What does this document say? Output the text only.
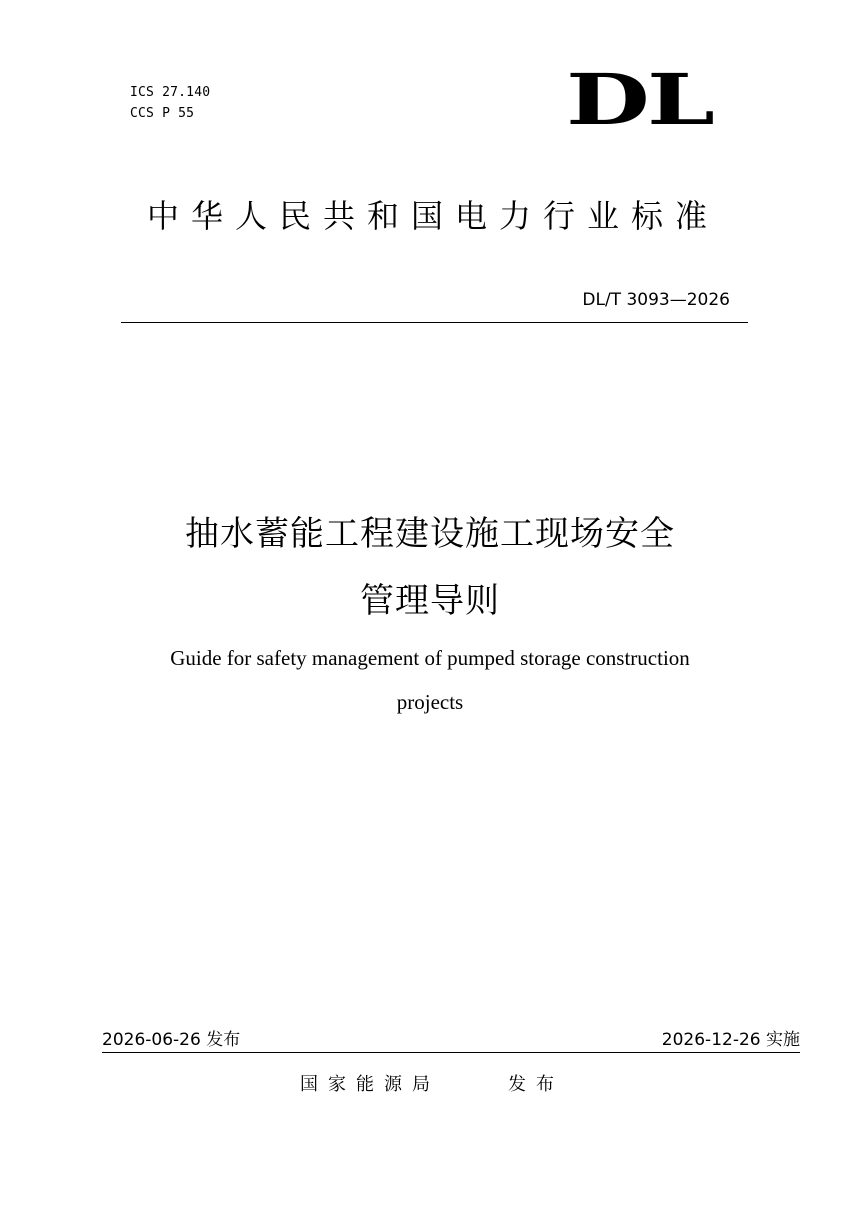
ICS 27.140
CCS P 55	DL
中华人民共和国电力行业标准
DL/T 3093—2026
抽水蓄能工程建设施工现场安全
管理导则
Guide for safety management of pumped storage construction
projects
2026-06-26 发布	2026-12-26 实施
国家能源局	发布
